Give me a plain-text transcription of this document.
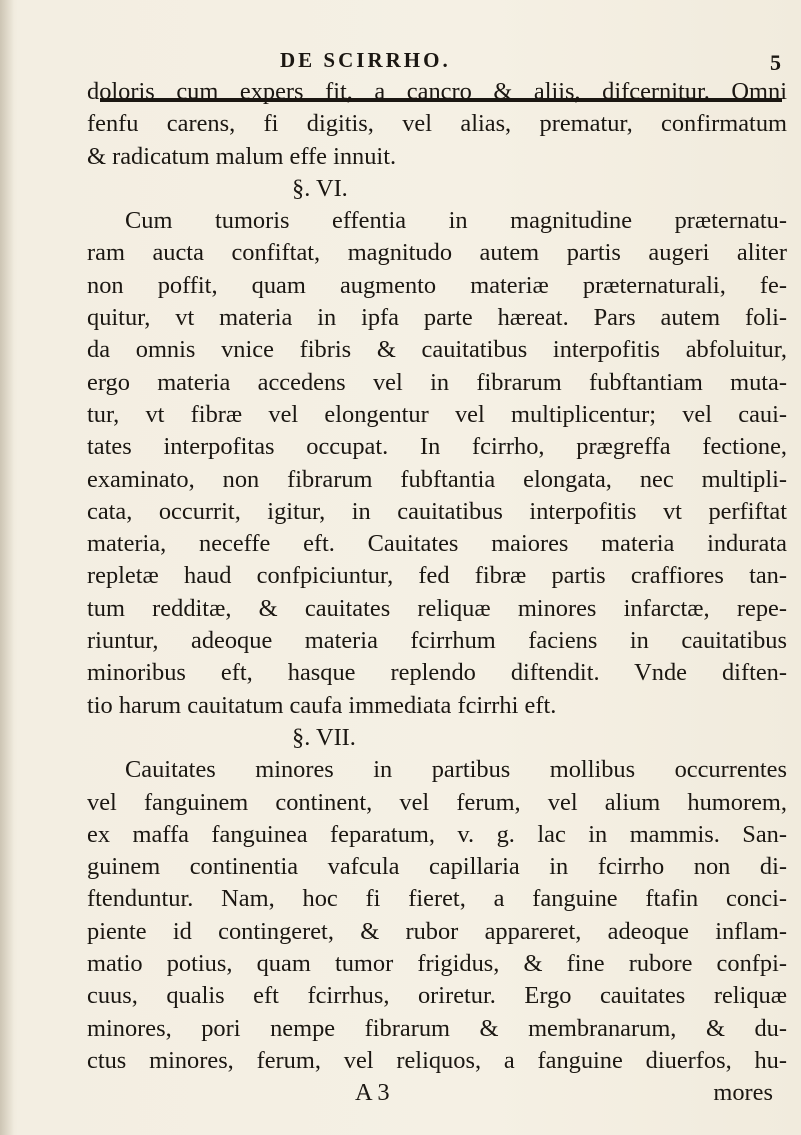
DE SCIRRHO.	5
doloris cum expers fit, a cancro & aliis, difcernitur. Omni
fenfu carens, fi digitis, vel alias, prematur, confirmatum
& radicatum malum effe innuit.
§. VI.
Cum tumoris effentia in magnitudine præternatu-
ram aucta confiftat, magnitudo autem partis augeri aliter
non poffit, quam augmento materiæ præternaturali, fe-
quitur, vt materia in ipfa parte hæreat. Pars autem foli-
da omnis vnice fibris & cauitatibus interpofitis abfoluitur,
ergo materia accedens vel in fibrarum fubftantiam muta-
tur, vt fibræ vel elongentur vel multiplicentur; vel caui-
tates interpofitas occupat. In fcirrho, prægreffa fectione,
examinato, non fibrarum fubftantia elongata, nec multipli-
cata, occurrit, igitur, in cauitatibus interpofitis vt perfiftat
materia, neceffe eft. Cauitates maiores materia indurata
repletæ haud confpiciuntur, fed fibræ partis craffiores tan-
tum redditæ, & cauitates reliquæ minores infarctæ, repe-
riuntur, adeoque materia fcirrhum faciens in cauitatibus
minoribus eft, hasque replendo diftendit. Vnde diften-
tio harum cauitatum caufa immediata fcirrhi eft.
§. VII.
Cauitates minores in partibus mollibus occurrentes
vel fanguinem continent, vel ferum, vel alium humorem,
ex maffa fanguinea feparatum, v. g. lac in mammis. San-
guinem continentia vafcula capillaria in fcirrho non di-
ftenduntur. Nam, hoc fi fieret, a fanguine ftafin conci-
piente id contingeret, & rubor appareret, adeoque inflam-
matio potius, quam tumor frigidus, & fine rubore confpi-
cuus, qualis eft fcirrhus, oriretur. Ergo cauitates reliquæ
minores, pori nempe fibrarum & membranarum, & du-
ctus minores, ferum, vel reliquos, a fanguine diuerfos, hu-
A 3	mores
